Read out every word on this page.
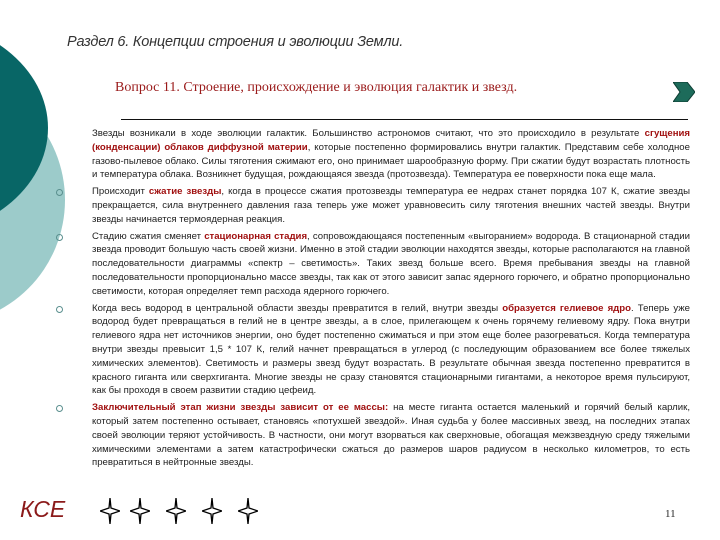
Раздел 6. Концепции строения и эволюции Земли.
Вопрос 11. Строение, происхождение и эволюция галактик и звезд.

Звезды возникали в ходе эволюции галактик. Большинство астрономов считают, что это происходило в результате сгущения (конденсации) облаков диффузной материи, которые постепенно формировались внутри галактик. Представим себе холодное газово-пылевое облако. Силы тяготения сжимают его, оно принимает шарообразную форму. При сжатии будут возрастать плотность и температура облака. Возникнет будущая, рождающаяся звезда (протозвезда). Температура ее поверхности пока еще мала.

Происходит сжатие звезды, когда в процессе сжатия протозвезды температура ее недрах станет порядка 107 К, сжатие звезды прекращается, сила внутреннего давления газа теперь уже может уравновесить силу тяготения внешних частей звезды. Внутри звезды начинается термоядерная реакция.

Стадию сжатия сменяет стационарная стадия, сопровождающаяся постепенным «выгоранием» водорода. В стационарной стадии звезда проводит большую часть своей жизни. Именно в этой стадии эволюции находятся звезды, которые располагаются на главной последовательности диаграммы «спектр – светимость». Таких звезд больше всего. Время пребывания звезды на главной последовательности пропорционально массе звезды, так как от этого зависит запас ядерного горючего, и обратно пропорционально светимости, которая определяет темп расхода ядерного горючего.

Когда весь водород в центральной области звезды превратится в гелий, внутри звезды образуется гелиевое ядро. Теперь уже водород будет превращаться в гелий не в центре звезды, а в слое, прилегающем к очень горячему гелиевому ядру. Пока внутри гелиевого ядра нет источников энергии, оно будет постепенно сжиматься и при этом еще более разогреваться. Когда температура внутри звезды превысит 1,5 * 107 К, гелий начнет превращаться в углерод (с последующим образованием все более тяжелых химических элементов). Светимость и размеры звезд будут возрастать. В результате обычная звезда постепенно превратится в красного гиганта или сверхгиганта. Многие звезды не сразу становятся стационарными гигантами, а некоторое время пульсируют, как бы проходя в своем развитии стадию цефеид.

Заключительный этап жизни звезды зависит от ее массы: на месте гиганта остается маленький и горячий белый карлик, который затем постепенно остывает, становясь «потухшей звездой». Иная судьба у более массивных звезд, на последних этапах своей эволюции теряют устойчивость. В частности, они могут взорваться как сверхновые, обогащая межзвездную среду тяжелыми химическими элементами а затем катастрофически сжаться до размеров шаров радиусом в несколько километров, то есть превратиться в нейтронные звезды.

КСЕ	11
